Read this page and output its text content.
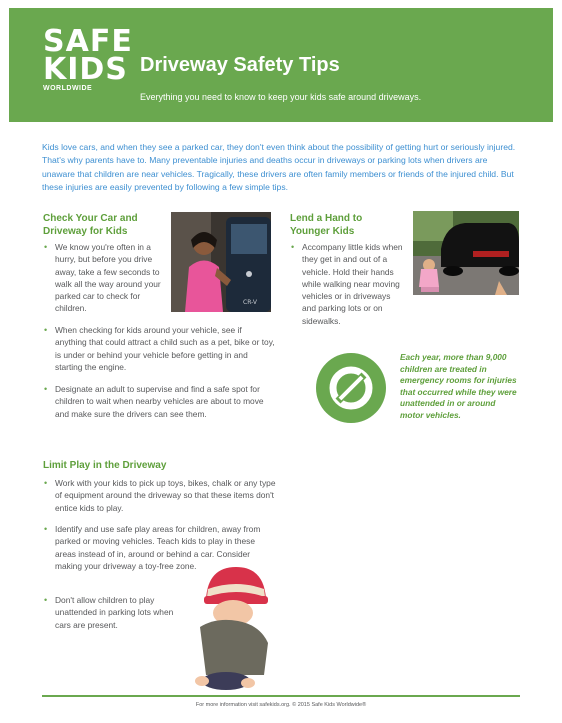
SAFE
KIDS
WORLDWIDE
Driveway Safety Tips
Everything you need to know to keep your kids safe around driveways.
Kids love cars, and when they see a parked car, they don't even think about the possibility of getting hurt or seriously injured. That's why parents have to. Many preventable injuries and deaths occur in driveways or parking lots when drivers are unaware that children are near vehicles. Tragically, these drivers are often family members or friends of the injured child. But these injuries are easily prevented by following a few simple tips.
Check Your Car and
Driveway for Kids
• We know you're often in a hurry, but before you drive away, take a few seconds to walk all the way around your parked car to check for children.
• When checking for kids around your vehicle, see if anything that could attract a child such as a pet, bike or toy, is under or behind your vehicle before getting in and starting the engine.
• Designate an adult to supervise and find a safe spot for children to wait when nearby vehicles are about to move and make sure the drivers can see them.
CR-V
Lend a Hand to
Younger Kids
• Accompany little kids when they get in and out of a vehicle. Hold their hands while walking near moving vehicles or in driveways and parking lots or on sidewalks.
Each year, more than 9,000 children are treated in emergency rooms for injuries that occurred while they were unattended in or around motor vehicles.
Limit Play in the Driveway
• Work with your kids to pick up toys, bikes, chalk or any type of equipment around the driveway so that these items don't entice kids to play.
• Identify and use safe play areas for children, away from parked or moving vehicles. Teach kids to play in these areas instead of in, around or behind a car. Consider making your driveway a toy-free zone.
• Don't allow children to play unattended in parking lots when cars are present.
For more information visit safekids.org. © 2015 Safe Kids Worldwide®
